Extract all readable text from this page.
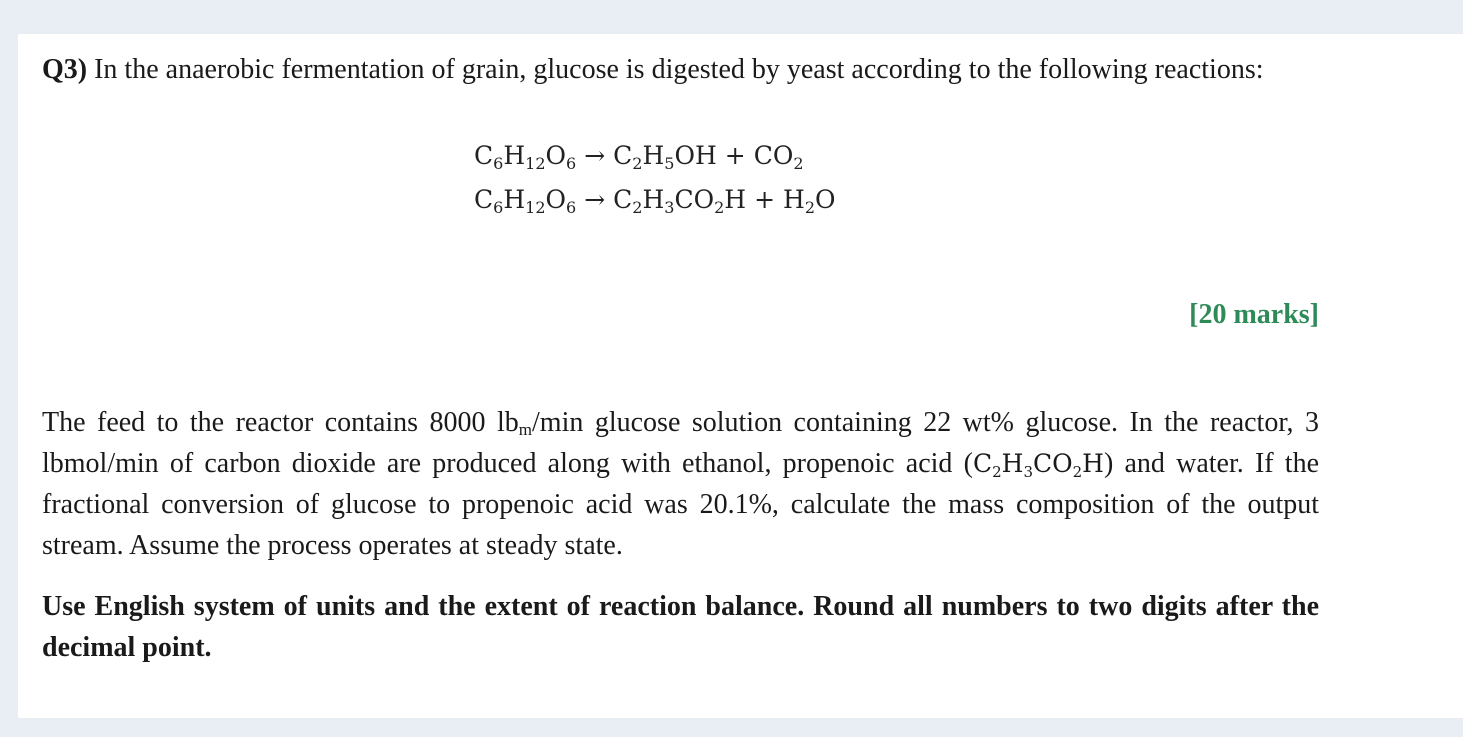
Q3) In the anaerobic fermentation of grain, glucose is digested by yeast according to the following reactions:
$C_6H_{12}O_6 \to C_2H_5OH + CO_2$
$C_6H_{12}O_6 \to C_2H_3CO_2H + H_2O$
[20 marks]
The feed to the reactor contains 8000 $lb_m/\min$ glucose solution containing 22 wt% glucose. In the reactor, 3 lbmol/min of carbon dioxide are produced along with ethanol, propenoic acid $(C_2H_3CO_2H)$ and water. If the fractional conversion of glucose to propenoic acid was 20.1%, calculate the mass composition of the output stream. Assume the process operates at steady state.
Use English system of units and the extent of reaction balance. Round all numbers to two digits after the decimal point.
